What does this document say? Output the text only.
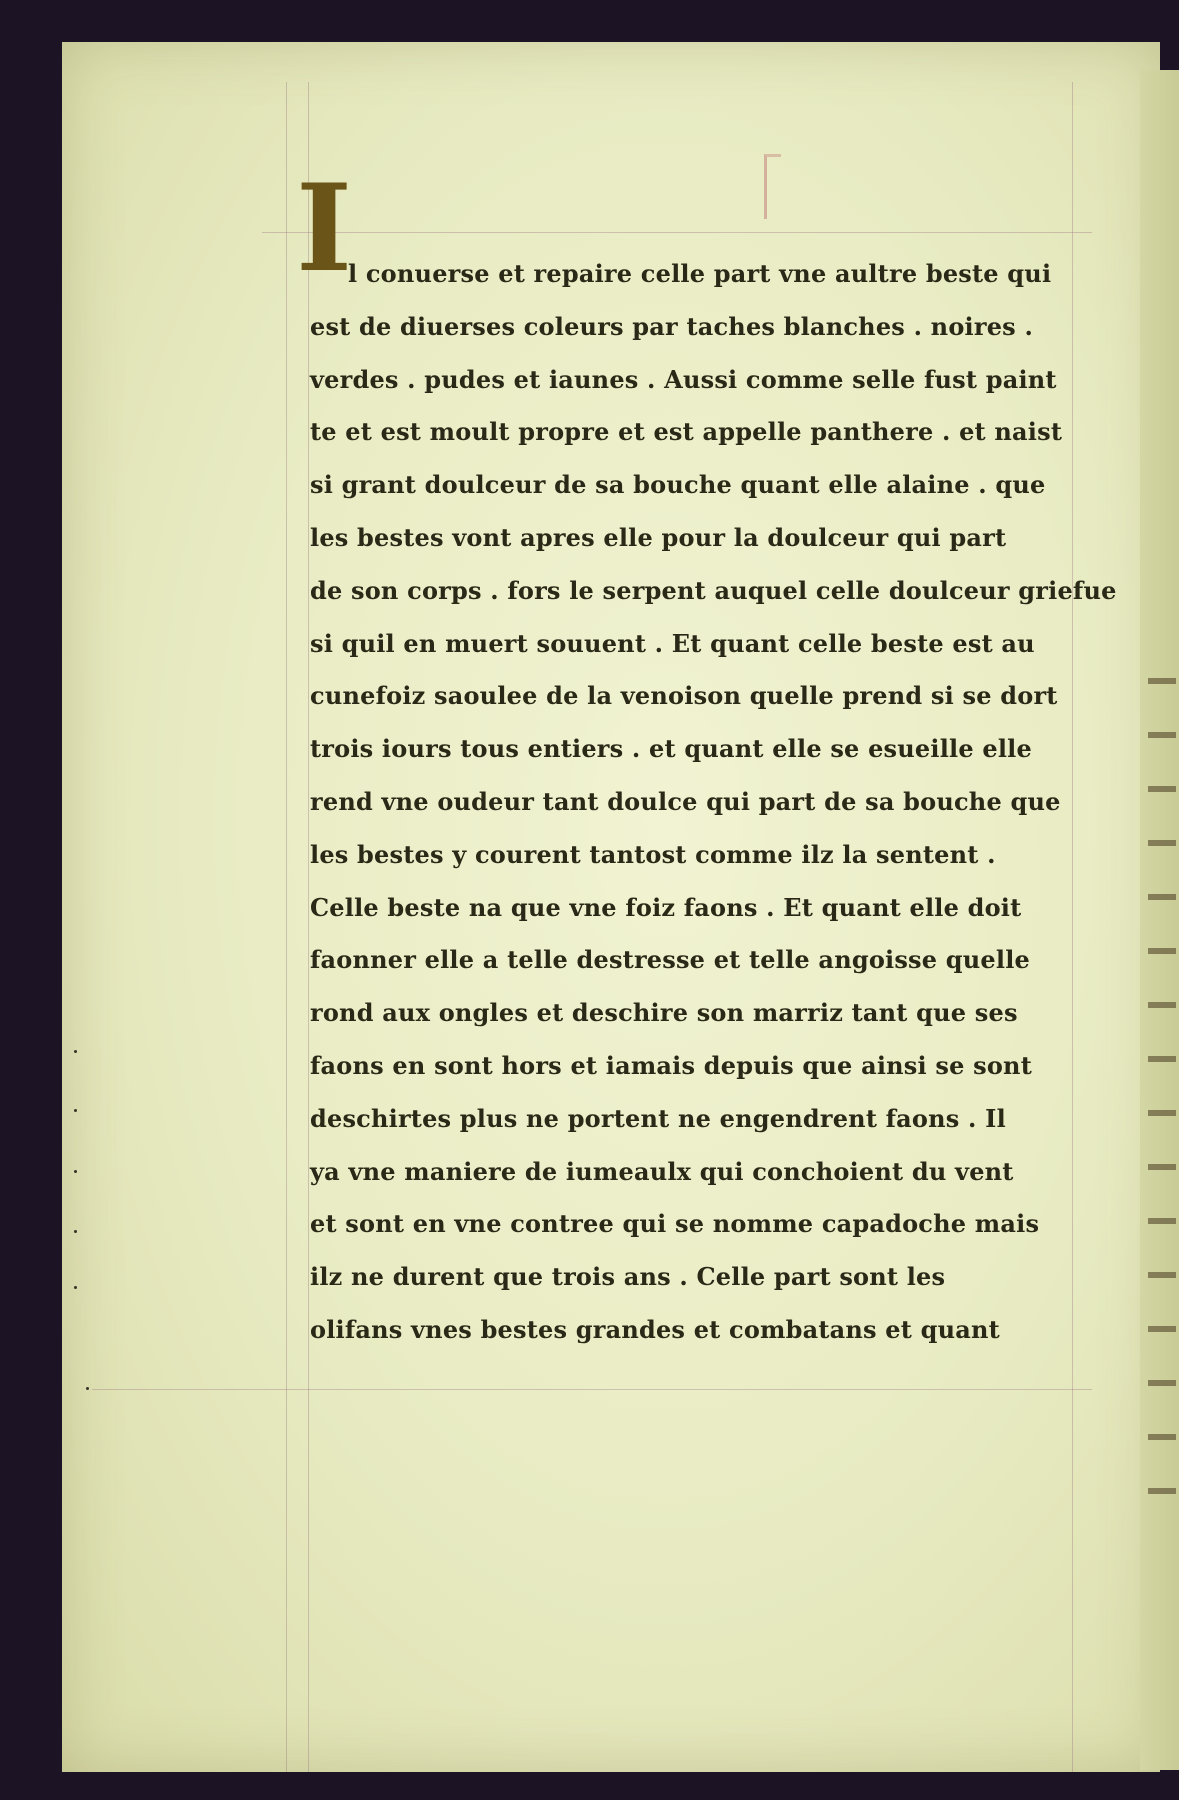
I
l conuerse et repaire celle part vne aultre beste qui
est de diuerses coleurs par taches blanches . noires .
verdes . pudes et iaunes . Aussi comme selle fust paint
te et est moult propre et est appelle panthere . et naist
si grant doulceur de sa bouche quant elle alaine . que
les bestes vont apres elle pour la doulceur qui part
de son corps . fors le serpent auquel celle doulceur griefue
si quil en muert souuent . Et quant celle beste est au
cunefoiz saoulee de la venoison quelle prend si se dort
trois iours tous entiers . et quant elle se esueille elle
rend vne oudeur tant doulce qui part de sa bouche que
les bestes y courent tantost comme ilz la sentent .
Celle beste na que vne foiz faons . Et quant elle doit
faonner elle a telle destresse et telle angoisse quelle
rond aux ongles et deschire son marriz tant que ses
faons en sont hors et iamais depuis que ainsi se sont
deschirtes plus ne portent ne engendrent faons . Il
ya vne maniere de iumeaulx qui conchoient du vent
et sont en vne contree qui se nomme capadoche mais
ilz ne durent que trois ans . Celle part sont les
olifans vnes bestes grandes et combatans et quant
